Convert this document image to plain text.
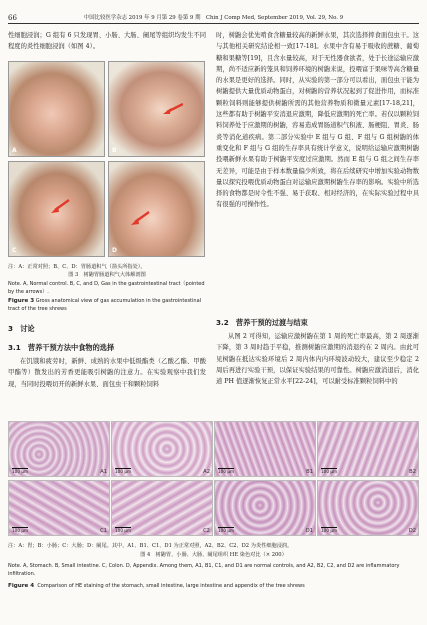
66	中国比较医学杂志 2019 年 9 月第 29 卷第 9 期　Chin J Comp Med, September 2019, Vol. 29, No. 9
性细胞浸润；G 组有 6 只发现胃、小肠、大肠、阑尾等组织均发生不同程度的炎性细胞浸润（如图 4）。
A	B
C	D
注：A：正常对照；B、C、D：胃肠道积气（箭头所指处）。
图 3　树鼩胃肠道积气大体解剖图
Note. A, Normal control. B, C, and D, Gas in the gastrointestinal tract（pointed by the arrows）.
Figure 3 Gross anatomical view of gas accumulation in the gastrointestinal tract of the tree shrews
3　讨论
3.1　营养干预方法中食物的选择
在饥饿和疲劳时，新鲜、成熟的水果中低级酯类（乙酸乙酯、甲酸甲酯等）散发出的芳香更能吸引树鼩的注意力。在实验观察中我们发现，当同时投喂切开的新鲜水果、面包虫干和颗粒饲料
时，树鼩会优先啃食含糖量较高的新鲜水果，其次选择摔食面包虫干。这与其他相关研究结论相一致[17-18]。水果中含有易于吸收的蔗糖、葡萄糖和果糖等[19]，且含水量较高，对于无性器食欲者，处于长途运输应激期，尚不适应新的笼具和饲养环境的树鼩来说，投喂富于果味等高含糖量的水果是更好的选择。同时，从实验的第一部分可以看出，面包虫干能为树鼩提供大量优质动物蛋白，对树鼩的营养状况起到了促进作用，而标准颗粒饲料则能够提供树鼩所需的其他营养物质和微量元素[17-18,21]，这些都有助于树鼩平安消退应激期，降低应激期的死亡率。若仅以颗粒饲料饲养处于应激期的树鼩，容易造成胃肠道积气积液、肠梗阻、胃炎、肠炎等消化道疾病。第二部分实验中 E 组与 G 组、F 组与 G 组树鼩的体重变化和 F 组与 G 组的生存率具有统计学意义，说明给运输应激期树鼩投喂新鲜水果有助于树鼩平安度过应激期。然而 E 组与 G 组之间生存率无差异，可能是由于样本数量偏少所致，将在后续研究中增加实验动物数量以探究投喂优质动物蛋白对运输应激期树鼩生存率的影响。实验中所选择的食物都是时令性不强、易于获取、相对经济的，在实际实验过程中具有很强的可操作性。
3.2　营养干预的过渡与结束
从图 2 可得知，运输应激树鼩在第 1 周的死亡率最高，第 2 周逐渐下降，第 3 周时趋于平稳，推测树鼩应激期的消退约在 2 周内。由此可见树鼩在抵达实验环境后 2 周内体内内环境波动较大，建议至少稳定 2 周后再进行实验干预，以保证实验结果的可靠性。树鼩应激消退后，消化道 PH 值逐渐恢复正常水平[22-24]，可以耐受标准颗粒饲料中的
100 μm	A1 100 μm	A2 100 μm	B1 100 μm	B2
100 μm	C1 100 μm	C2 100 μm	D1 100 μm	D2
注：A：胃；B：小肠；C：大肠；D：阑尾。其中，A1、B1、C1、D1 为正常对照，A2、B2、C2、D2 为炎性细胞浸润。
图 4　树鼩胃、小肠、大肠、阑尾组织 HE 染色对比（× 200）
Note. A, Stomach. B, Small intestine. C, Colon. D, Appendix. Among them, A1, B1, C1, and D1 are normal controls, and A2, B2, C2, and D2 are inflammatory infiltration.
Figure 4 Comparison of HE staining of the stomach, small intestine, large intestine and appendix of the tree shrews
